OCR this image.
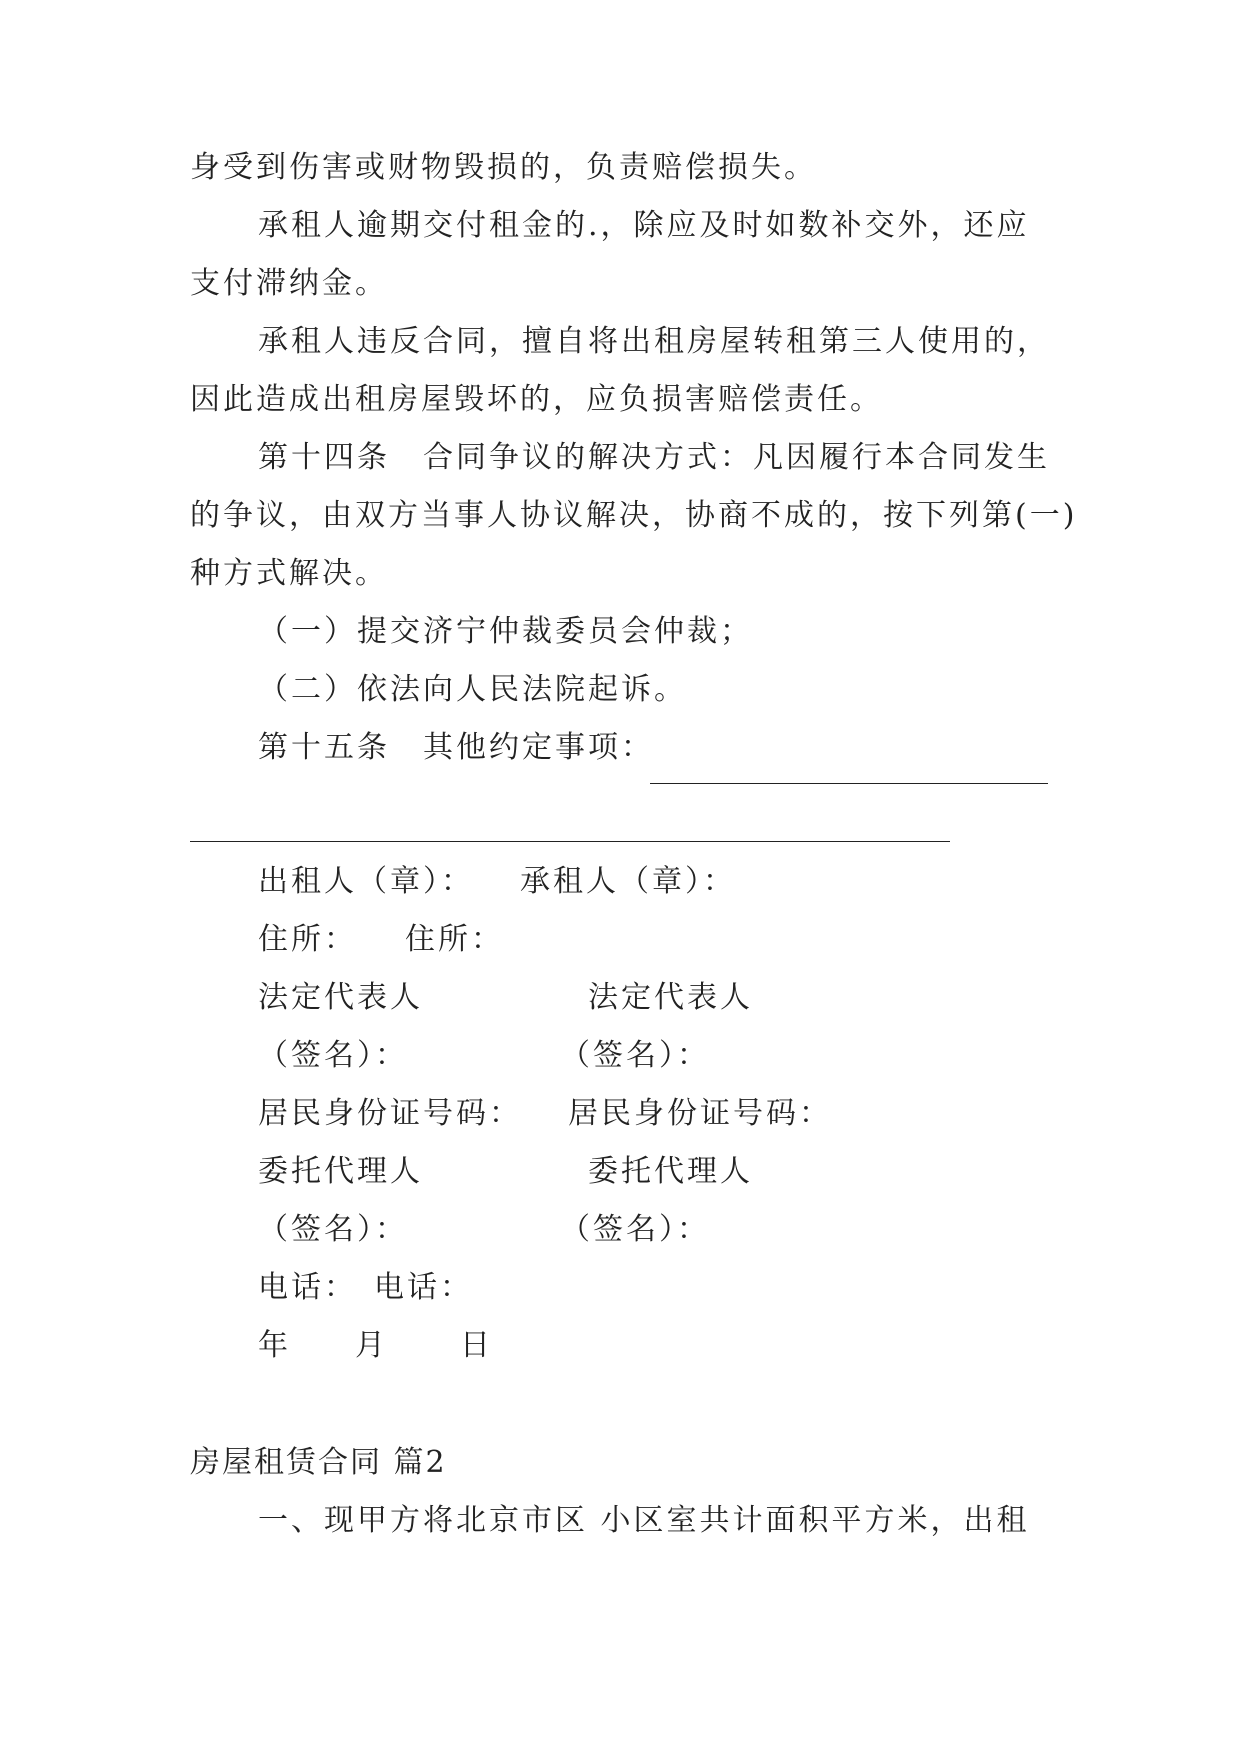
身受到伤害或财物毁损的，负责赔偿损失。
承租人逾期交付租金的.，除应及时如数补交外，还应
支付滞纳金。
承租人违反合同，擅自将出租房屋转租第三人使用的，
因此造成出租房屋毁坏的，应负损害赔偿责任。
第十四条　合同争议的解决方式：凡因履行本合同发生
的争议，由双方当事人协议解决，协商不成的，按下列第(一)
种方式解决。
（一）提交济宁仲裁委员会仲裁；
（二）依法向人民法院起诉。
第十五条　其他约定事项：
出租人（章）： 承租人（章）：
住所： 住所：
法定代表人	法定代表人
（签名）：	（签名）：
居民身份证号码： 居民身份证号码：
委托代理人	委托代理人
（签名）：	（签名）：
电话： 电话：
年 月 日
房屋租赁合同 篇2
一、现甲方将北京市区 小区室共计面积平方米，出租
